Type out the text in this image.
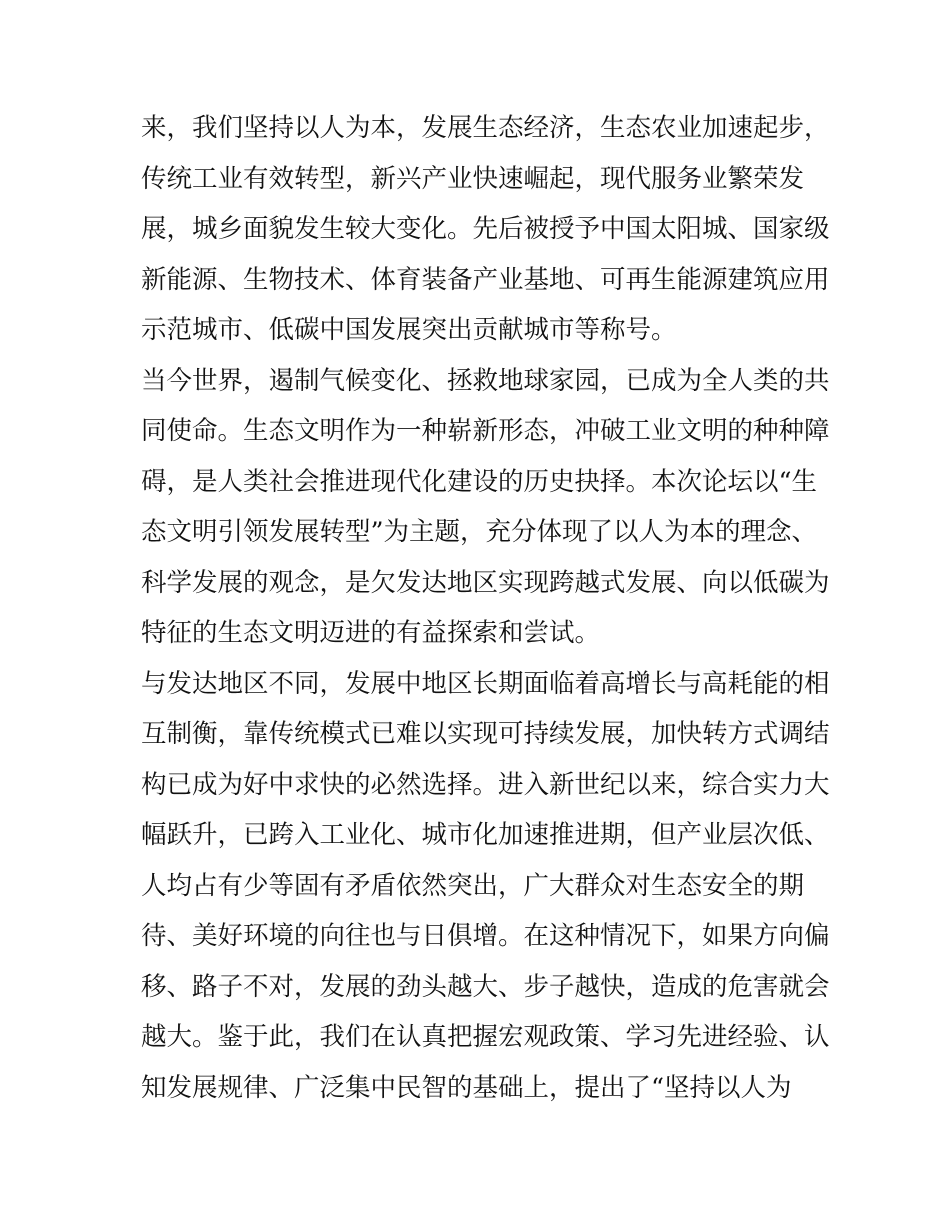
来，我们坚持以人为本，发展生态经济，生态农业加速起步，
传统工业有效转型，新兴产业快速崛起，现代服务业繁荣发
展，城乡面貌发生较大变化。先后被授予中国太阳城、国家级
新能源、生物技术、体育装备产业基地、可再生能源建筑应用
示范城市、低碳中国发展突出贡献城市等称号。
当今世界，遏制气候变化、拯救地球家园，已成为全人类的共
同使命。生态文明作为一种崭新形态，冲破工业文明的种种障
碍，是人类社会推进现代化建设的历史抉择。本次论坛以“生
态文明引领发展转型”为主题，充分体现了以人为本的理念、
科学发展的观念，是欠发达地区实现跨越式发展、向以低碳为
特征的生态文明迈进的有益探索和尝试。
与发达地区不同，发展中地区长期面临着高增长与高耗能的相
互制衡，靠传统模式已难以实现可持续发展，加快转方式调结
构已成为好中求快的必然选择。进入新世纪以来，综合实力大
幅跃升，已跨入工业化、城市化加速推进期，但产业层次低、
人均占有少等固有矛盾依然突出，广大群众对生态安全的期
待、美好环境的向往也与日俱增。在这种情况下，如果方向偏
移、路子不对，发展的劲头越大、步子越快，造成的危害就会
越大。鉴于此，我们在认真把握宏观政策、学习先进经验、认
知发展规律、广泛集中民智的基础上，提出了“坚持以人为
